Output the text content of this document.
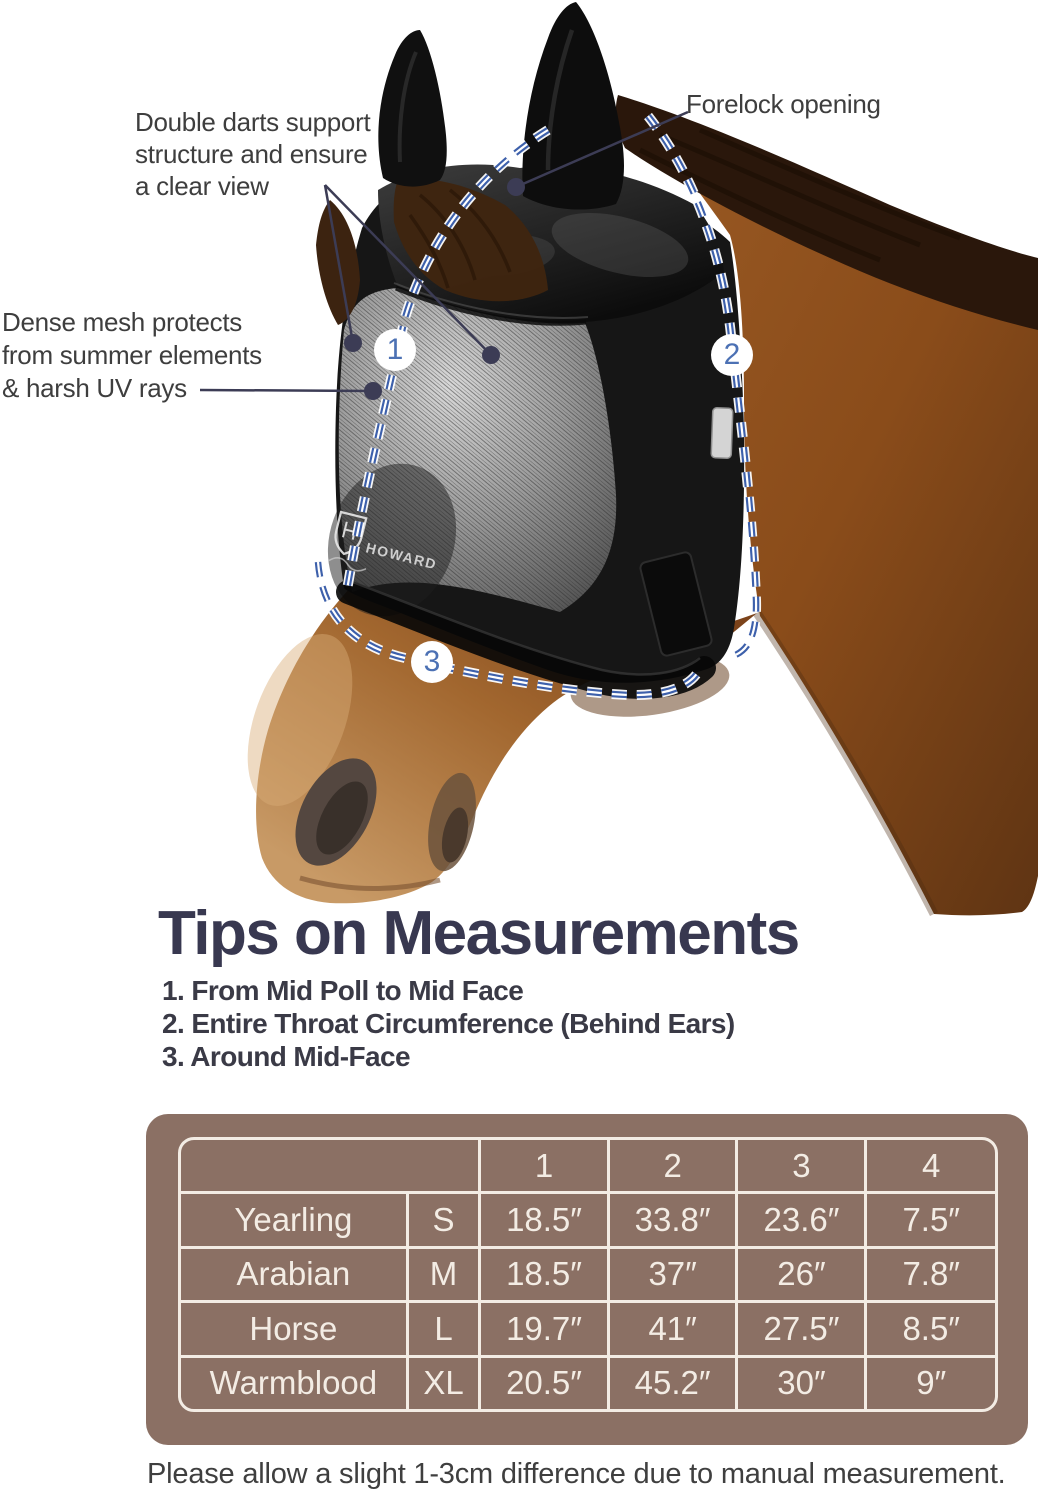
HOWARD
Double darts support
structure and ensure
a clear view
Forelock opening
Dense mesh protects
from summer elements
& harsh UV rays
1	2
3
Tips on Measurements
1. From Mid Poll to Mid Face
2. Entire Throat Circumference (Behind Ears)
3. Around Mid-Face
		1	2	3	4
Yearling	S	18.5″	33.8″	23.6″	7.5″
Arabian	M	18.5″	37″	26″	7.8″
Horse	L	19.7″	41″	27.5″	8.5″
Warmblood	XL	20.5″	45.2″	30″	9″
Please allow a slight 1-3cm difference due to manual measurement.
